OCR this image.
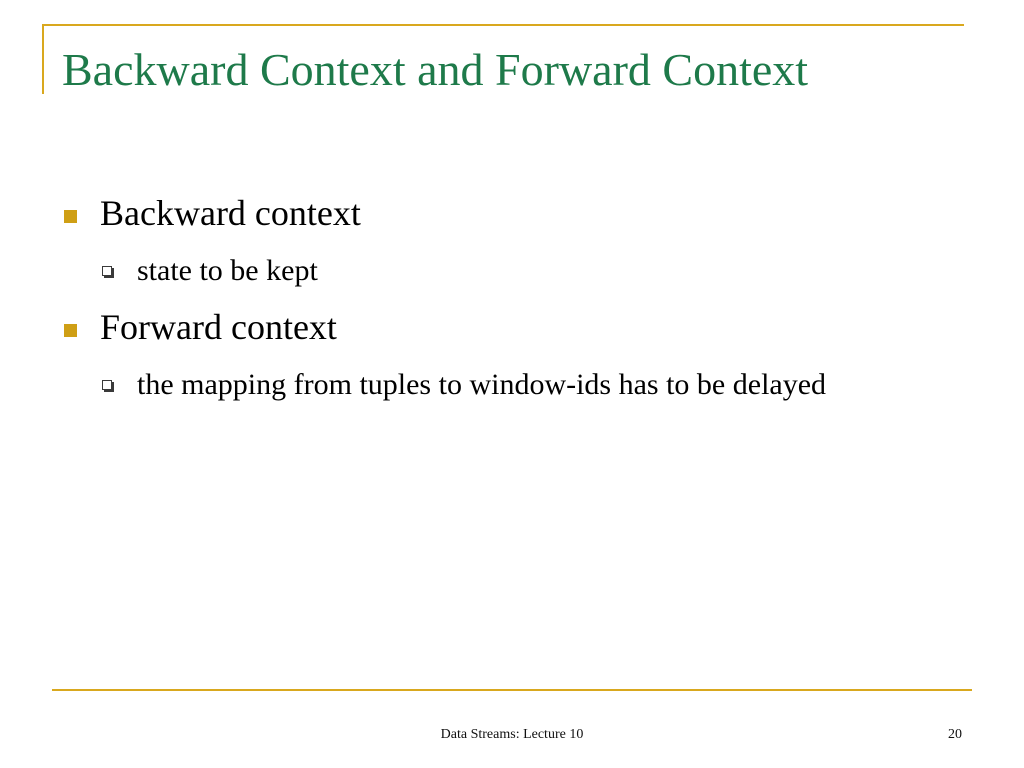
Backward Context and Forward Context
Backward context
state to be kept
Forward context
the mapping from tuples to window-ids has to be delayed
Data Streams: Lecture 10	20
